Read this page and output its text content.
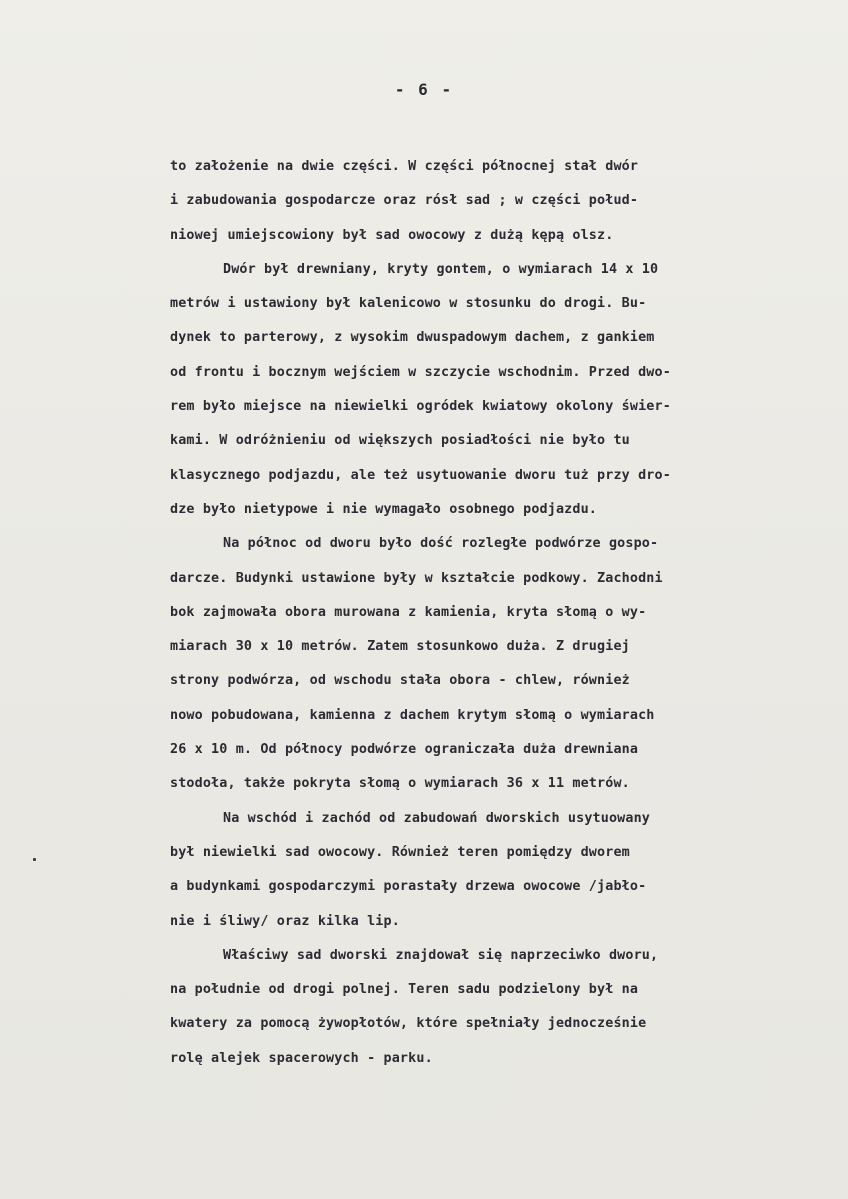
- 6 -
to założenie na dwie części. W części północnej stał dwór
i zabudowania gospodarcze oraz rósł sad ; w części połud-
niowej umiejscowiony był sad owocowy z dużą kępą olsz.
Dwór był drewniany, kryty gontem, o wymiarach 14 x 10
metrów i ustawiony był kalenicowo w stosunku do drogi. Bu-
dynek to parterowy, z wysokim dwuspadowym dachem, z gankiem
od frontu i bocznym wejściem w szczycie wschodnim. Przed dwo-
rem było miejsce na niewielki ogródek kwiatowy okolony świer-
kami. W odróżnieniu od większych posiadłości nie było tu
klasycznego podjazdu, ale też usytuowanie dworu tuż przy dro-
dze było nietypowe i nie wymagało osobnego podjazdu.
Na północ od dworu było dość rozległe podwórze gospo-
darcze. Budynki ustawione były w kształcie podkowy. Zachodni
bok zajmowała obora murowana z kamienia, kryta słomą o wy-
miarach 30 x 10 metrów. Zatem stosunkowo duża. Z drugiej
strony podwórza, od wschodu stała obora - chlew, również
nowo pobudowana, kamienna z dachem krytym słomą o wymiarach
26 x 10 m. Od północy podwórze ograniczała duża drewniana
stodoła, także pokryta słomą o wymiarach 36 x 11 metrów.
Na wschód i zachód od zabudowań dworskich usytuowany
był niewielki sad owocowy. Również teren pomiędzy dworem
a budynkami gospodarczymi porastały drzewa owocowe /jabło-
nie i śliwy/ oraz kilka lip.
Właściwy sad dworski znajdował się naprzeciwko dworu,
na południe od drogi polnej. Teren sadu podzielony był na
kwatery za pomocą żywopłotów, które spełniały jednocześnie
rolę alejek spacerowych - parku.
